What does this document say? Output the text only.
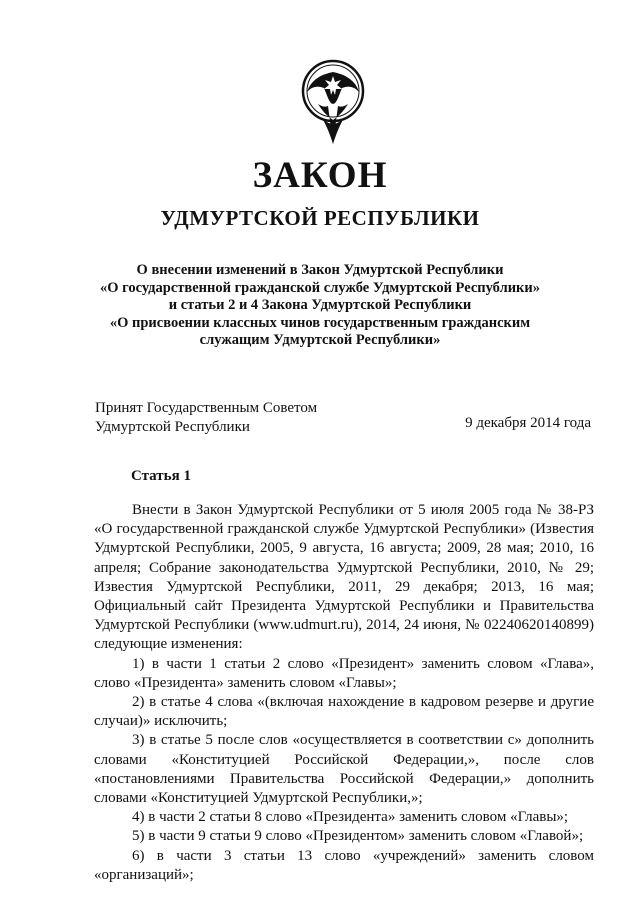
ЗАКОН
УДМУРТСКОЙ РЕСПУБЛИКИ
О внесении изменений в Закон Удмуртской Республики
«О государственной гражданской службе Удмуртской Республики»
и статьи 2 и 4 Закона Удмуртской Республики
«О присвоении классных чинов государственным гражданским
служащим Удмуртской Республики»
Принят Государственным Советом
Удмуртской Республики	9 декабря 2014 года
Статья 1

Внести в Закон Удмуртской Республики от 5 июля 2005 года № 38-РЗ «О государственной гражданской службе Удмуртской Республики» (Известия Удмуртской Республики, 2005, 9 августа, 16 августа; 2009, 28 мая; 2010, 16 апреля; Собрание законодательства Удмуртской Республики, 2010, № 29; Известия Удмуртской Республики, 2011, 29 декабря; 2013, 16 мая; Официальный сайт Президента Удмуртской Республики и Правительства Удмуртской Республики (www.udmurt.ru), 2014, 24 июня, № 02240620140899) следующие изменения:

1) в части 1 статьи 2 слово «Президент» заменить словом «Глава», слово «Президента» заменить словом «Главы»;

2) в статье 4 слова «(включая нахождение в кадровом резерве и другие случаи)» исключить;

3) в статье 5 после слов «осуществляется в соответствии с» дополнить словами «Конституцией Российской Федерации,», после слов «постановлениями Правительства Российской Федерации,» дополнить словами «Конституцией Удмуртской Республики,»;

4) в части 2 статьи 8 слово «Президента» заменить словом «Главы»;

5) в части 9 статьи 9 слово «Президентом» заменить словом «Главой»;

6) в части 3 статьи 13 слово «учреждений» заменить словом «организаций»;
